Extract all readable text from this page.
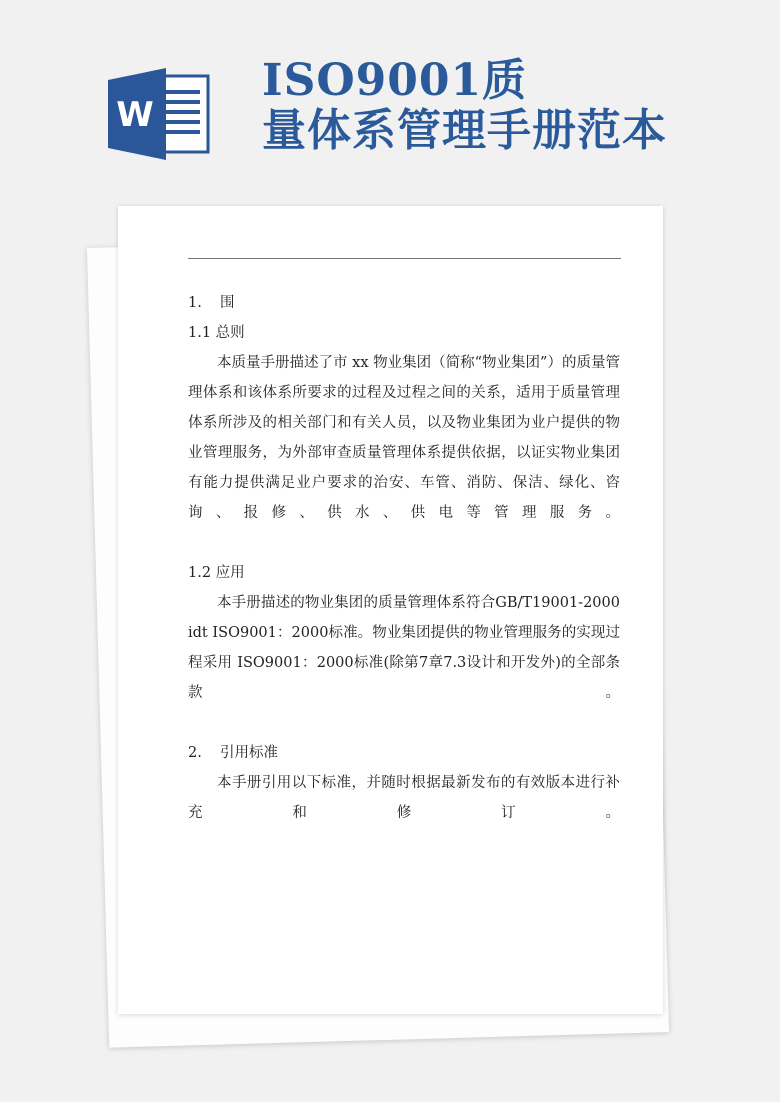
W
ISO9001质
量体系管理手册范本

1. 围

1.1 总则

本质量手册描述了市 xx 物业集团（简称“物业集团”）的质量管理体系和该体系所要求的过程及过程之间的关系，适用于质量管理体系所涉及的相关部门和有关人员，以及物业集团为业户提供的物业管理服务，为外部审查质量管理体系提供依据，以证实物业集团有能力提供满足业户要求的治安、车管、消防、保洁、绿化、咨询、报修、供水、供电等管理服务。

1.2 应用

本手册描述的物业集团的质量管理体系符合GB/T19001-2000 idt ISO9001：2000标准。物业集团提供的物业管理服务的实现过程采用 ISO9001：2000标准(除第7章7.3设计和开发外)的全部条款。

2. 引用标准

本手册引用以下标准，并随时根据最新发布的有效版本进行补充和修订。
